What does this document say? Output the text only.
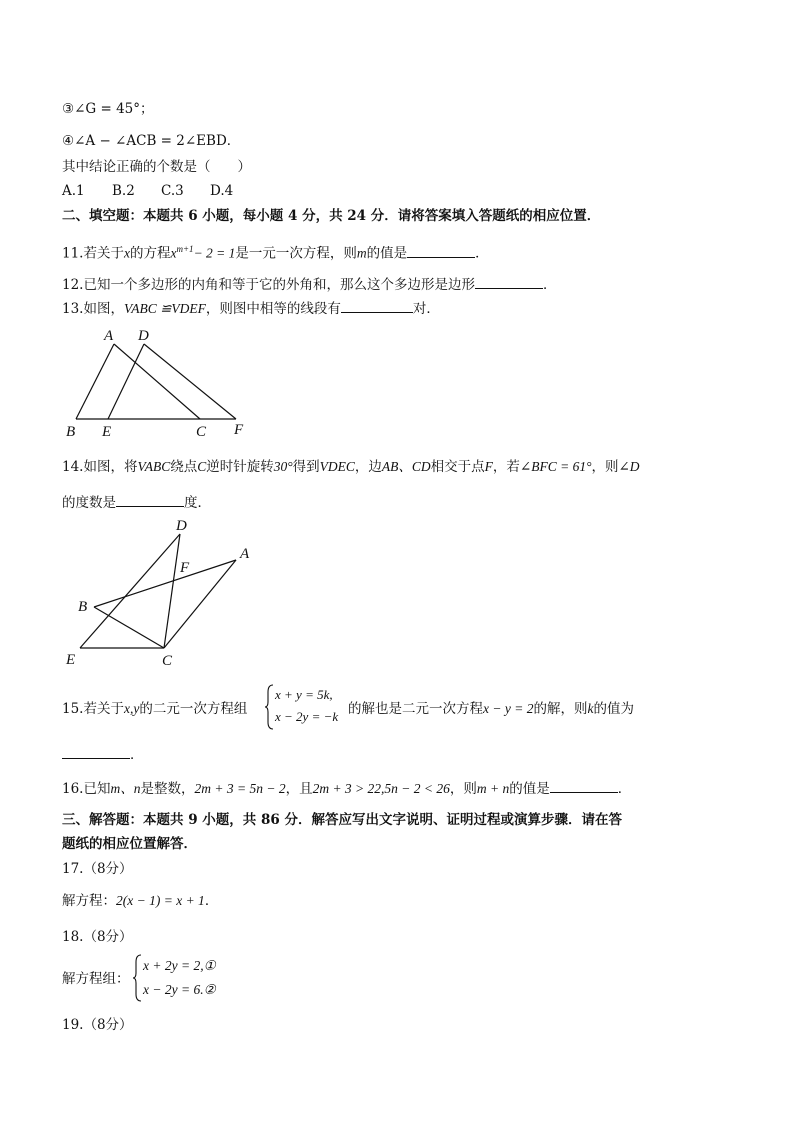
③∠G = 45°；
④∠A − ∠ACB = 2∠EBD．
其中结论正确的个数是（　　）
A.1 B.2 C.3 D.4
二、填空题：本题共 6 小题，每小题 4 分，共 24 分．请将答案填入答题纸的相应位置．
11.若关于x的方程$x^{m+1}- 2 = 1$是一元一次方程，则m的值是	．
12.已知一个多边形的内角和等于它的外角和，那么这个多边形是边形	．
13.如图，VABC ≌VDEF，则图中相等的线段有	对．
A D
B E	C F
14.如图，将VABC绕点C逆时针旋转30°得到VDEC，边AB、CD相交于点F，若∠BFC = 61°，则∠D
的度数是	度．
D
A
F
B
E	C
15.若关于x,y的二元一次方程组
x + y = 5k,
x − 2y = −k 的解也是二元一次方程x − y = 2的解，则k的值为
．
16.已知m、n是整数，2m + 3 = 5n − 2，且2m + 3 > 22,5n − 2 < 26，则m + n的值是	．
三、解答题：本题共 9 小题，共 86 分．解答应写出文字说明、证明过程或演算步骤．请在答
题纸的相应位置解答．
17.（8分）
解方程：2(x − 1) = x + 1．
18.（8分）
解方程组：
x + 2y = 2,①
x − 2y = 6.②
19.（8分）
